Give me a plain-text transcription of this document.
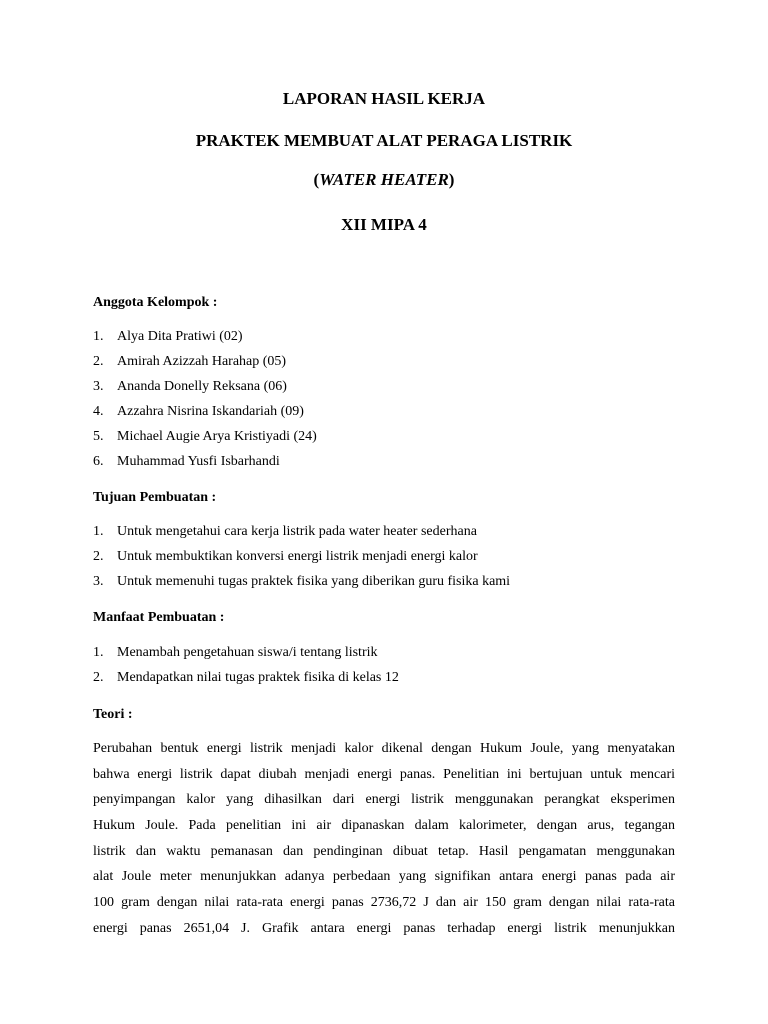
LAPORAN HASIL KERJA

PRAKTEK MEMBUAT ALAT PERAGA LISTRIK

(WATER HEATER)

XII MIPA 4

Anggota Kelompok :

1. Alya Dita Pratiwi (02)
2. Amirah Azizzah Harahap (05)
3. Ananda Donelly Reksana (06)
4. Azzahra Nisrina Iskandariah (09)
5. Michael Augie Arya Kristiyadi (24)
6. Muhammad Yusfi Isbarhandi

Tujuan Pembuatan :

1. Untuk mengetahui cara kerja listrik pada water heater sederhana
2. Untuk membuktikan konversi energi listrik menjadi energi kalor
3. Untuk memenuhi tugas praktek fisika yang diberikan guru fisika kami

Manfaat Pembuatan :

1. Menambah pengetahuan siswa/i tentang listrik
2. Mendapatkan nilai tugas praktek fisika di kelas 12

Teori :

Perubahan bentuk energi listrik menjadi kalor dikenal dengan Hukum Joule, yang menyatakan
bahwa energi listrik dapat diubah menjadi energi panas. Penelitian ini bertujuan untuk mencari
penyimpangan kalor yang dihasilkan dari energi listrik menggunakan perangkat eksperimen
Hukum Joule. Pada penelitian ini air dipanaskan dalam kalorimeter, dengan arus, tegangan
listrik dan waktu pemanasan dan pendinginan dibuat tetap. Hasil pengamatan menggunakan
alat Joule meter menunjukkan adanya perbedaan yang signifikan antara energi panas pada air
100 gram dengan nilai rata-rata energi panas 2736,72 J dan air 150 gram dengan nilai rata-rata
energi panas 2651,04 J. Grafik antara energi panas terhadap energi listrik menunjukkan
